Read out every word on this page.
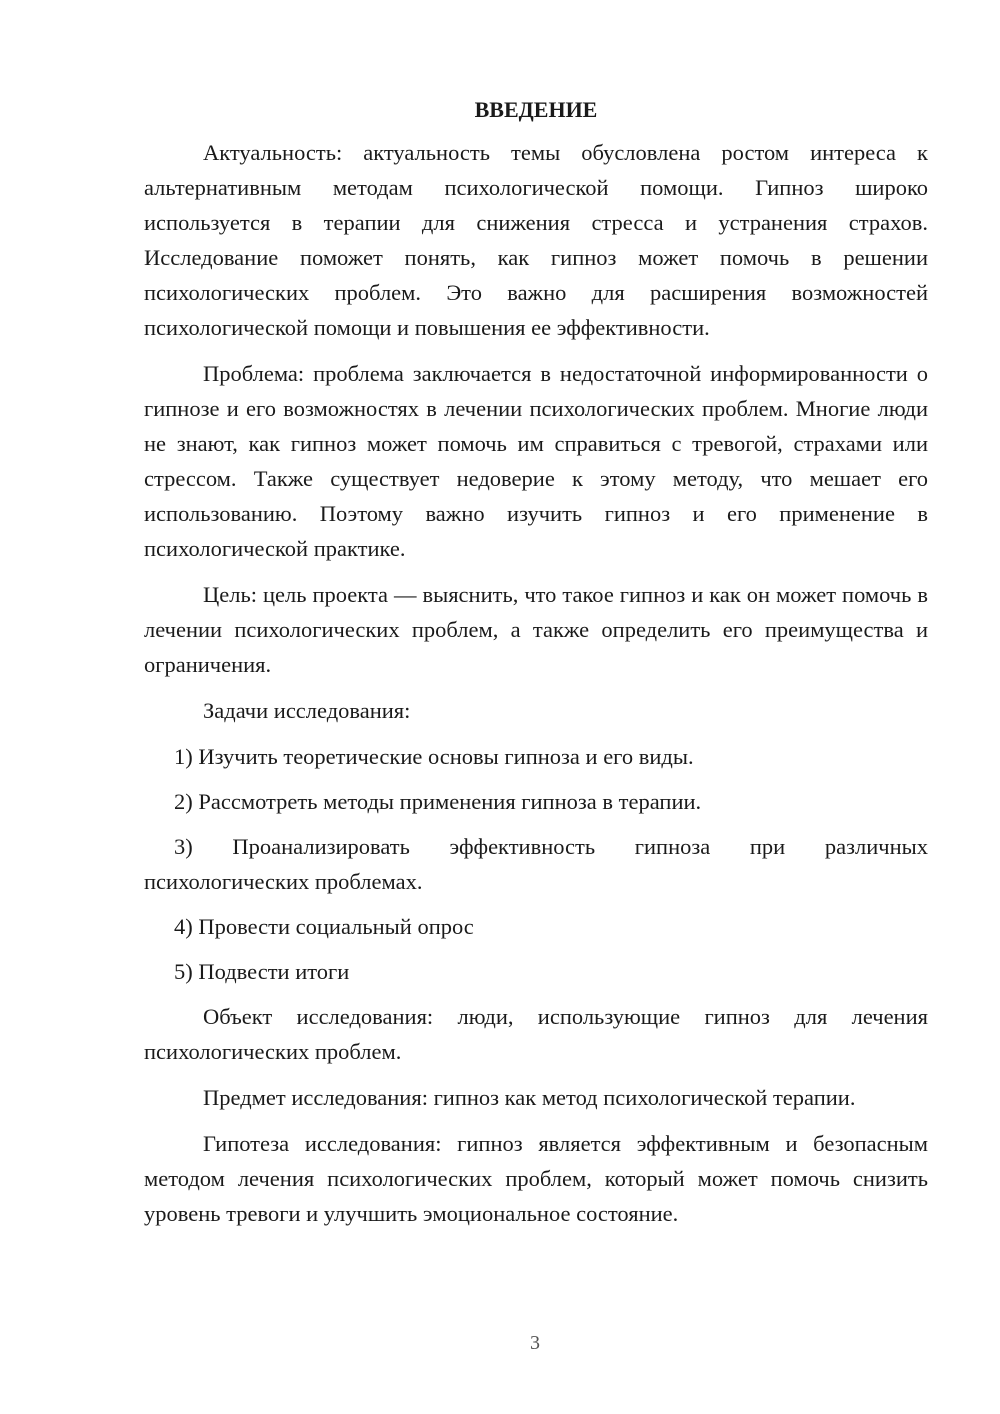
ВВЕДЕНИЕ

Актуальность: актуальность темы обусловлена ростом интереса к альтернативным методам психологической помощи. Гипноз широко используется в терапии для снижения стресса и устранения страхов. Исследование поможет понять, как гипноз может помочь в решении психологических проблем. Это важно для расширения возможностей психологической помощи и повышения ее эффективности.

Проблема: проблема заключается в недостаточной информированности о гипнозе и его возможностях в лечении психологических проблем. Многие люди не знают, как гипноз может помочь им справиться с тревогой, страхами или стрессом. Также существует недоверие к этому методу, что мешает его использованию. Поэтому важно изучить гипноз и его применение в психологической практике.

Цель: цель проекта — выяснить, что такое гипноз и как он может помочь в лечении психологических проблем, а также определить его преимущества и ограничения.

Задачи исследования:

1) Изучить теоретические основы гипноза и его виды.

2) Рассмотреть методы применения гипноза в терапии.

3) Проанализировать эффективность гипноза при различных психологических проблемах.

4) Провести социальный опрос

5) Подвести итоги

Объект исследования: люди, использующие гипноз для лечения психологических проблем.

Предмет исследования: гипноз как метод психологической терапии.

Гипотеза исследования: гипноз является эффективным и безопасным методом лечения психологических проблем, который может помочь снизить уровень тревоги и улучшить эмоциональное состояние.

3
